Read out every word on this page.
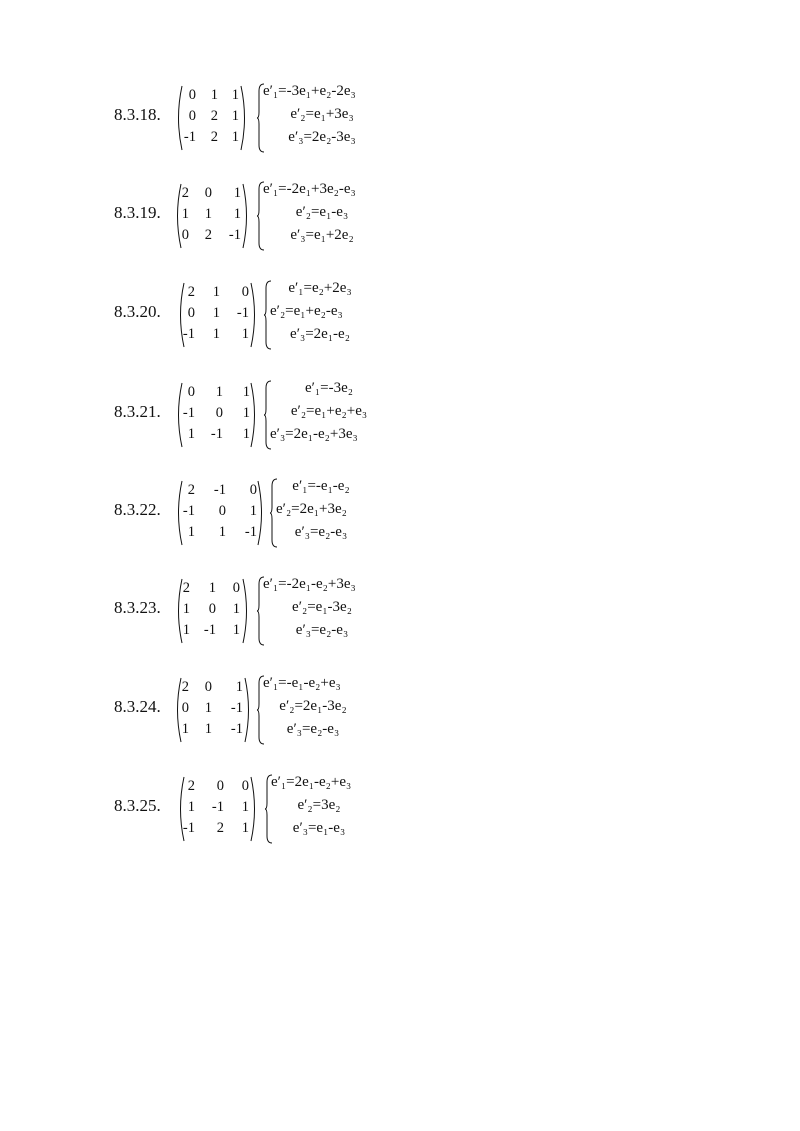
8.3.18.
0	1 1
0	2 1
-1	2 1
e′₁=-3e₁+e₂-2e₃
e′₂=e₁+3e₃
e′₃=2e₂-3e₃
8.3.19.
2	0	1
1	1	1
0	2	-1
e′₁=-2e₁+3e₂-e₃
e′₂=e₁-e₃
e′₃=e₁+2e₂
8.3.20.
2	1	0
0	1	-1
-1	1	1
e′₁=e₂+2e₃
e′₂=e₁+e₂-e₃
e′₃=2e₁-e₂
8.3.21.
0	1	1
-1	0	1
1	-1	1
e′₁=-3e₂
e′₂=e₁+e₂+e₃
e′₃=2e₁-e₂+3e₃
8.3.22.
2	-1	0
-1	0	1
1	1	-1
e′₁=-e₁-e₂
e′₂=2e₁+3e₂
e′₃=e₂-e₃
8.3.23.
2	1	0
1	0	1
1 -1	1
e′₁=-2e₁-e₂+3e₃
e′₂=e₁-3e₂
e′₃=e₂-e₃
8.3.24.
2	0	1
0	1	-1
1	1	-1
e′₁=-e₁-e₂+e₃
e′₂=2e₁-3e₂
e′₃=e₂-e₃
8.3.25.
2	0	0
1	-1	1
-1	2	1
e′₁=2e₁-e₂+e₃
e′₂=3e₂
e′₃=e₁-e₃
